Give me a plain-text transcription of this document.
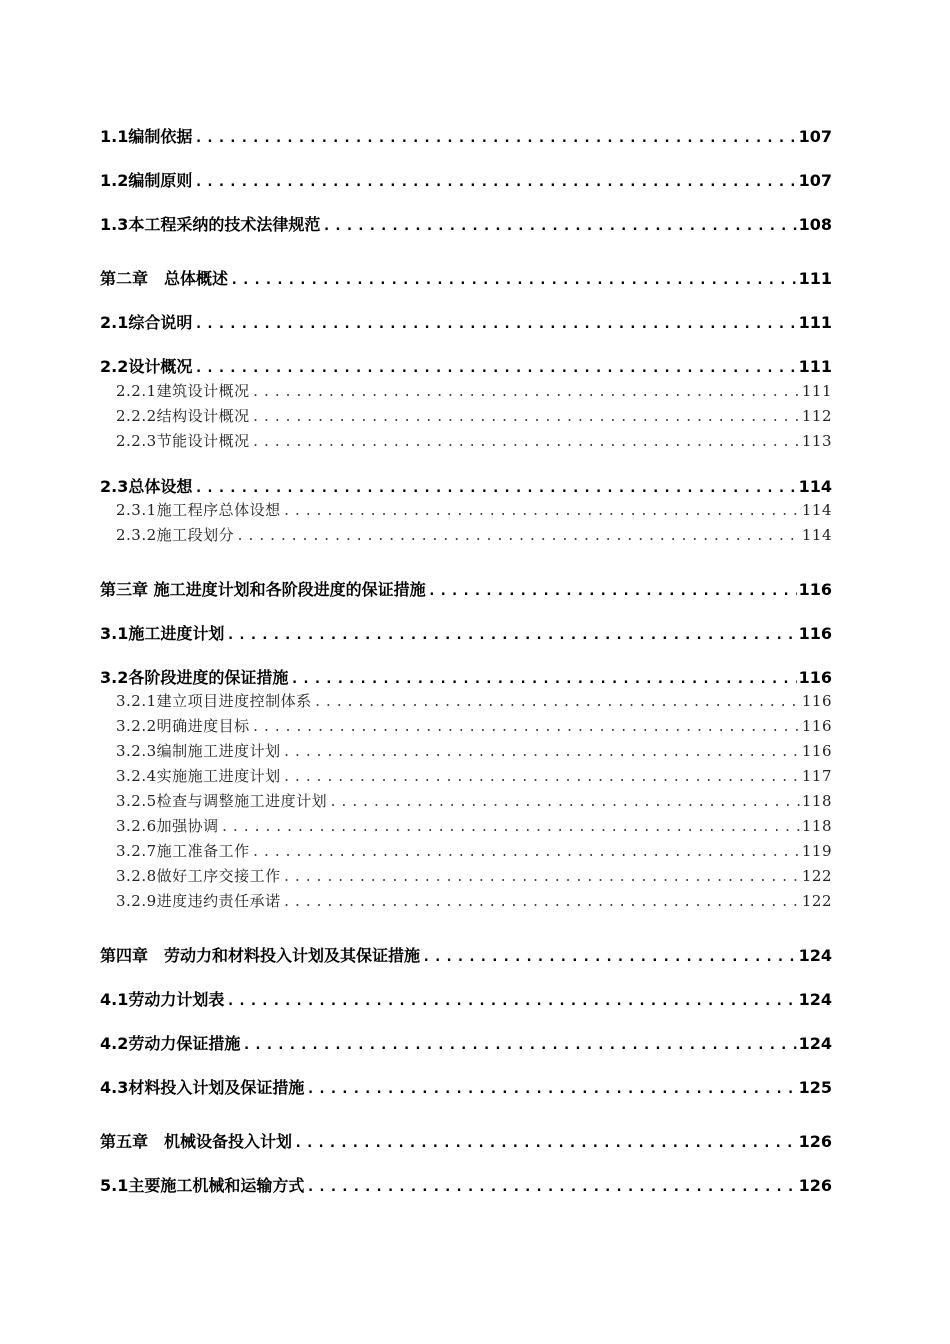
1.1编制依据 .....	107
1.2编制原则 .....	107
1.3本工程采纳的技术法律规范 .....	108
第二章　总体概述 .....	111
2.1综合说明 .....	111
2.2设计概况 .....	111
2.2.1建筑设计概况 .....	111
2.2.2结构设计概况 .....	112
2.2.3节能设计概况 .....	113
2.3总体设想 .....	114
2.3.1施工程序总体设想 .....	114
2.3.2施工段划分 .....	114
第三章 施工进度计划和各阶段进度的保证措施 .....	116
3.1施工进度计划 .....	116
3.2各阶段进度的保证措施 .....	116
3.2.1建立项目进度控制体系 .....	116
3.2.2明确进度目标 .....	116
3.2.3编制施工进度计划 .....	116
3.2.4实施施工进度计划 .....	117
3.2.5检查与调整施工进度计划 .....	118
3.2.6加强协调 .....	118
3.2.7施工准备工作 .....	119
3.2.8做好工序交接工作 .....	122
3.2.9进度违约责任承诺 .....	122
第四章　劳动力和材料投入计划及其保证措施 .....	124
4.1劳动力计划表 .....	124
4.2劳动力保证措施 .....	124
4.3材料投入计划及保证措施 .....	125
第五章　机械设备投入计划 .....	126
5.1主要施工机械和运输方式 .....	126
